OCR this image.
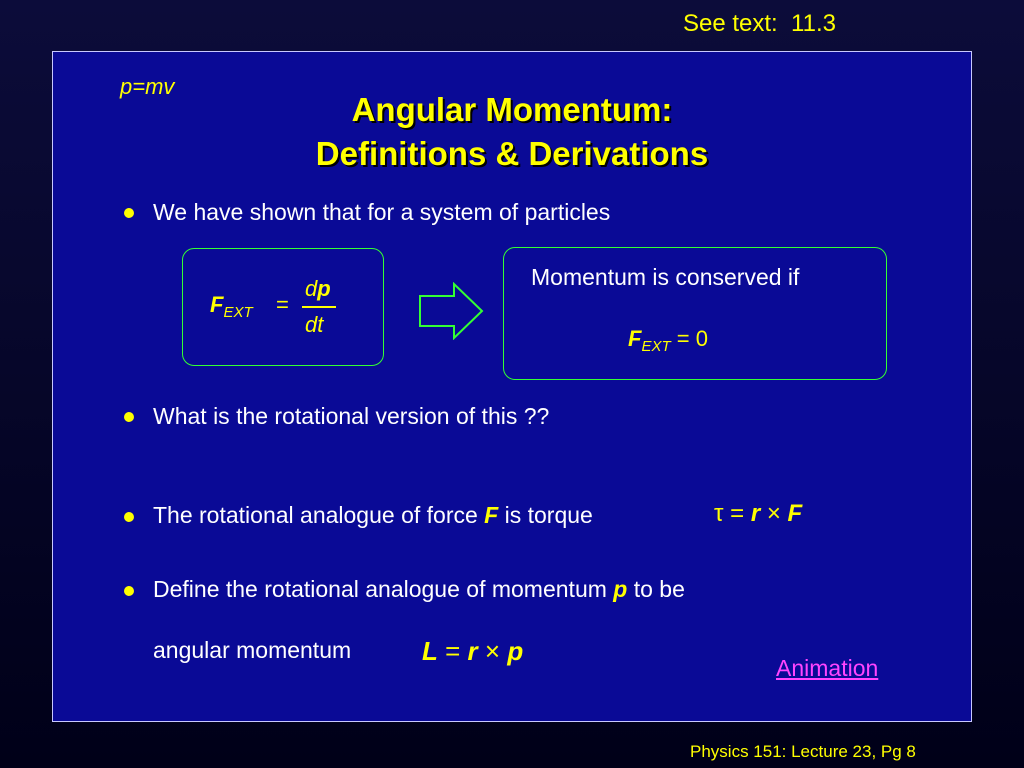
See text:  11.3
p=mv
Angular Momentum:
Definitions & Derivations
We have shown that for a system of particles
$F_{EXT}$ =
dp
dt
Momentum is conserved if
$F_{EXT} = 0$
What is the rotational version of this ??
The rotational analogue of force F is torque	τ = r × F
Define the rotational analogue of momentum p to be
angular momentum	L = r × p
Animation
Physics 151: Lecture 23, Pg 8
